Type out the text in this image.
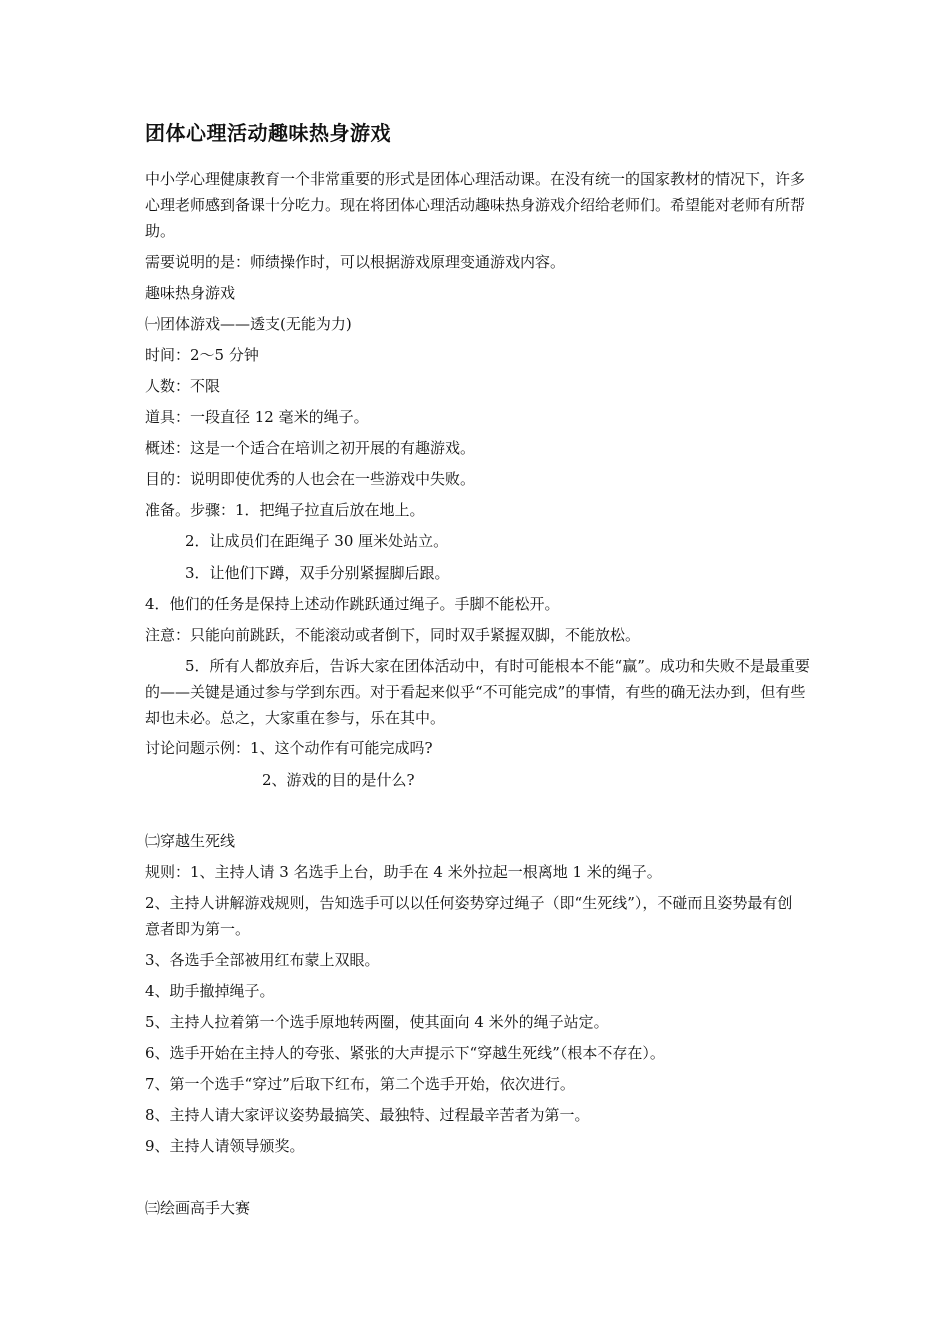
团体心理活动趣味热身游戏
中小学心理健康教育一个非常重要的形式是团体心理活动课。在没有统一的国家教材的情况下，许多
心理老师感到备课十分吃力。现在将团体心理活动趣味热身游戏介绍给老师们。希望能对老师有所帮
助。
需要说明的是：师绩操作时，可以根据游戏原理变通游戏内容。
趣味热身游戏
㈠团体游戏——透支(无能为力)
时间：2～5 分钟
人数：不限
道具：一段直径 12 毫米的绳子。
概述：这是一个适合在培训之初开展的有趣游戏。
目的：说明即使优秀的人也会在一些游戏中失败。
准备。步骤：1．把绳子拉直后放在地上。
2．让成员们在距绳子 30 厘米处站立。
3．让他们下蹲，双手分别紧握脚后跟。
4．他们的任务是保持上述动作跳跃通过绳子。手脚不能松开。
注意：只能向前跳跃，不能滚动或者倒下，同时双手紧握双脚，不能放松。
5．所有人都放弃后，告诉大家在团体活动中，有时可能根本不能“赢”。成功和失败不是最重要
的——关键是通过参与学到东西。对于看起来似乎“不可能完成”的事情，有些的确无法办到，但有些
却也未必。总之，大家重在参与，乐在其中。
讨论问题示例：1、这个动作有可能完成吗?
2、游戏的目的是什么?
㈡穿越生死线
规则：1、主持人请 3 名选手上台，助手在 4 米外拉起一根离地 1 米的绳子。
2、主持人讲解游戏规则，告知选手可以以任何姿势穿过绳子（即“生死线”），不碰而且姿势最有创
意者即为第一。
3、各选手全部被用红布蒙上双眼。
4、助手撤掉绳子。
5、主持人拉着第一个选手原地转两圈，使其面向 4 米外的绳子站定。
6、选手开始在主持人的夸张、紧张的大声提示下“穿越生死线”（根本不存在）。
7、第一个选手“穿过”后取下红布，第二个选手开始，依次进行。
8、主持人请大家评议姿势最搞笑、最独特、过程最辛苦者为第一。
9、主持人请领导颁奖。
㈢绘画高手大赛
